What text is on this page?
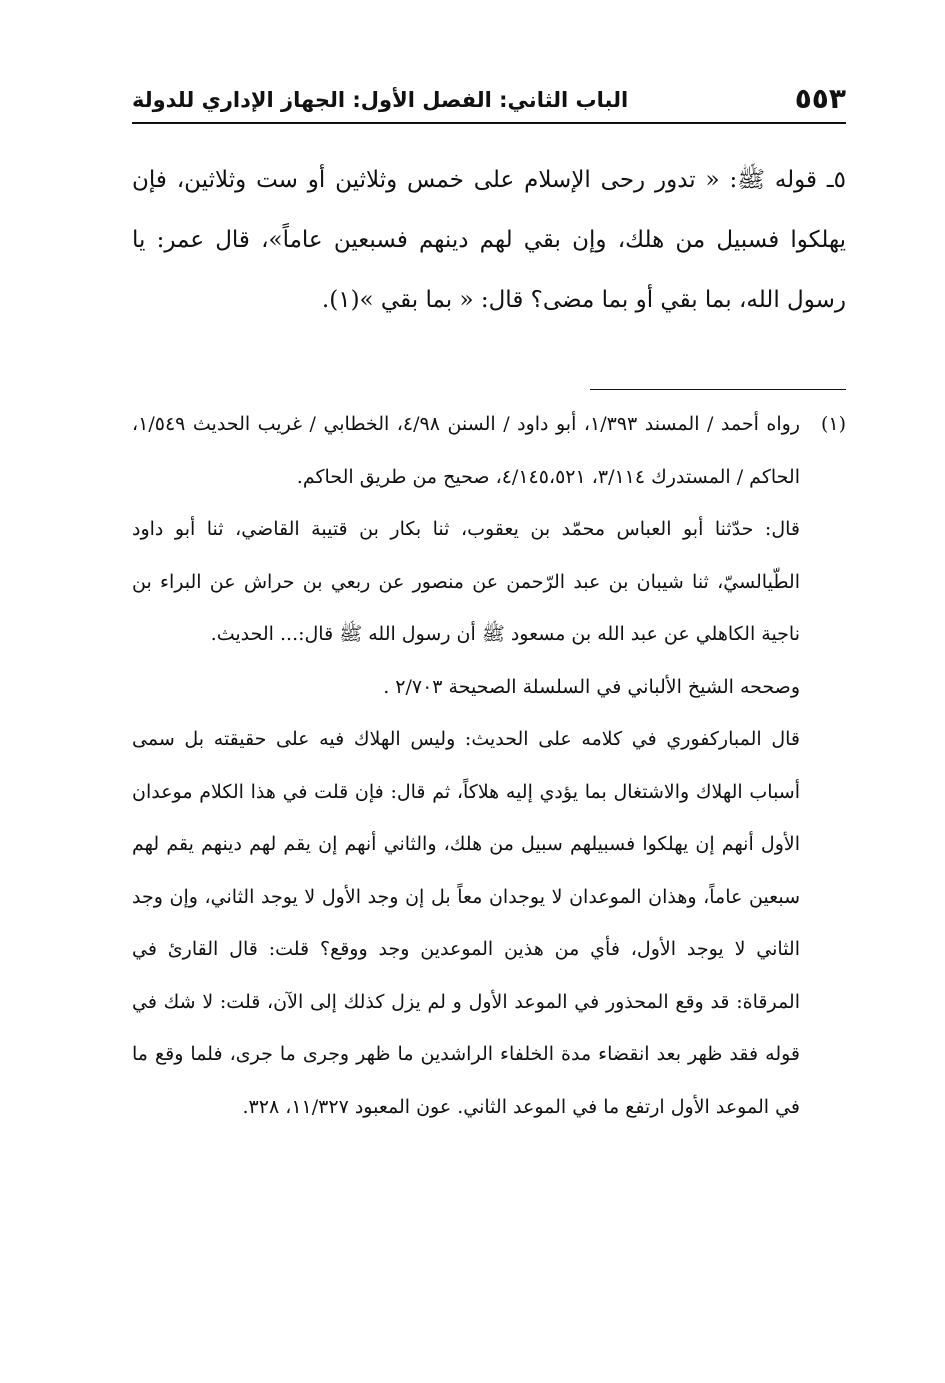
٥٥٣
الباب الثاني: الفصل الأول: الجهاز الإداري للدولة

٥ـ قوله ﷺ: « تدور رحى الإسلام على خمس وثلاثين أو ست وثلاثين، فإن يهلكوا فسبيل من هلك، وإن بقي لهم دينهم فسبعين عاماً»، قال عمر: يا رسول الله، بما بقي أو بما مضى؟ قال: « بما بقي »(١).

(١)رواه أحمد / المسند ١/٣٩٣، أبو داود / السنن ٤/٩٨، الخطابي / غريب الحديث ١/٥٤٩، الحاكم / المستدرك ٣/١١٤، ٤/١٤٥،٥٢١، صحيح من طريق الحاكم.

قال: حدّثنا أبو العباس محمّد بن يعقوب، ثنا بكار بن قتيبة القاضي، ثنا أبو داود الطّيالسيّ، ثنا شيبان بن عبد الرّحمن عن منصور عن ربعي بن حراش عن البراء بن ناجية الكاهلي عن عبد الله بن مسعود ﷺ أن رسول الله ﷺ قال:... الحديث.

وصححه الشيخ الألباني في السلسلة الصحيحة ٢/٧٠٣ .

قال المباركفوري في كلامه على الحديث: وليس الهلاك فيه على حقيقته بل سمى أسباب الهلاك والاشتغال بما يؤدي إليه هلاكاً، ثم قال: فإن قلت في هذا الكلام موعدان الأول أنهم إن يهلكوا فسبيلهم سبيل من هلك، والثاني أنهم إن يقم لهم دينهم يقم لهم سبعين عاماً، وهذان الموعدان لا يوجدان معاً بل إن وجد الأول لا يوجد الثاني، وإن وجد الثاني لا يوجد الأول، فأي من هذين الموعدين وجد ووقع؟ قلت: قال القارئ في المرقاة: قد وقع المحذور في الموعد الأول و لم يزل كذلك إلى الآن، قلت: لا شك في قوله فقد ظهر بعد انقضاء مدة الخلفاء الراشدين ما ظهر وجرى ما جرى، فلما وقع ما في الموعد الأول ارتفع ما في الموعد الثاني. عون المعبود ١١/٣٢٧، ٣٢٨.
